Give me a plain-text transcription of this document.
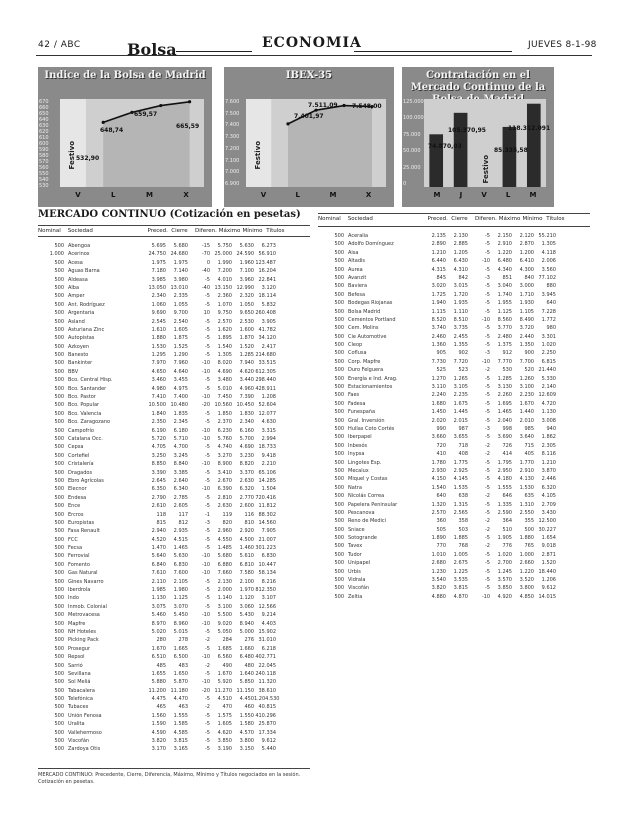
42 / ABC	Bolsa	ECONOMIA	JUEVES 8-1-98
Indice de la Bolsa de Madrid
670
660
650
640
630
620
610
600
590
580
570
560
550
540
530
Festivo 532,90
648,74
659,57
665,59
V	L	M	X
IBEX-35
7.600
7.500
7.400
7.300
7.200
7.100
7.000
6.900
Festivo
7.401,97
7.511,09 7.548,00
V	L	M	X
Contratación en el Mercado Continuo de la
125.000
100.000
75.000
50.000
25.000
0
Festivo
74.870,03
105.370,95
85.335,58
118.312.091
M	J	V	L	M
MERCADO CONTINUO (Cotización en pesetas)
Nominal Sociedad	Preced. Cierre Diferen. Máximo Mínimo Títulos
500 Abengoa	5.695	5.680	-15	5.750	5.630	6.273
1.000 Acerinox	24.750 24.680	-70 25.000 24.590 56.910
500 Acesa	1.975	1.975	0	1.990	1.960 123.487
500 Aguas Barna	7.180	7.140	-40	7.200	7.100 16.204
500 Aldeasa	3.985	3.980	-5	4.010	3.960 22.841
500 Alba	13.050 13.010	-40 13.150 12.990	3.120
500 Amper	2.340	2.335	-5	2.360	2.320 18.114
500 Ant. Rodríguez	1.060	1.055	-5	1.070	1.050	5.832
500 Argentaria	9.690	9.700	10	9.750	9.650 260.408
500 Asland	2.545	2.540	-5	2.570	2.530	3.905
500 Asturiana Zinc	1.610	1.605	-5	1.620	1.600 41.782
500 Autopistas	1.880	1.875	-5	1.895	1.870 34.120
500 Azkoyen	1.530	1.525	-5	1.540	1.520	2.417
500 Banesto	1.295	1.290	-5	1.305	1.285 214.680
500 Bankinter	7.970	7.960	-10	8.020	7.940 33.515
500 BBV	4.650	4.640	-10	4.690	4.620 612.305
500 Bco. Central Hisp.	3.460	3.455	-5	3.480	3.440 298.440
500 Bco. Santander	4.980	4.975	-5	5.010	4.960 428.911
500 Bco. Pastor	7.410	7.400	-10	7.450	7.390	1.208
500 Bco. Popular	10.500 10.480	-20 10.560 10.450 52.604
500 Bco. Valencia	1.840	1.835	-5	1.850	1.830 12.077
500 Bco. Zaragozano	2.350	2.345	-5	2.370	2.340	4.630
500 Campofrío	6.190	6.180	-10	6.230	6.160	3.315
500 Catalana Occ.	5.720	5.710	-10	5.760	5.700	2.994
500 Cepsa	4.705	4.700	-5	4.740	4.690 18.733
500 Cortefiel	3.250	3.245	-5	3.270	3.230	9.418
500 Cristalería	8.850	8.840	-10	8.900	8.820	2.210
500 Dragados	3.390	3.385	-5	3.410	3.370 65.106
500 Ebro Agrícolas	2.645	2.640	-5	2.670	2.630 14.285
500 Elecnor	6.350	6.340	-10	6.390	6.320	1.504
500 Endesa	2.790	2.785	-5	2.810	2.770 720.416
500 Ence	2.610	2.605	-5	2.630	2.600 11.812
500 Ercros	118	117	-1	119	116 88.302
500 Europistas	815	812	-3	820	810 14.560
500 Fasa Renault	2.940	2.935	-5	2.960	2.920	7.905
500 FCC	4.520	4.515	-5	4.550	4.500 21.007
500 Fecsa	1.470	1.465	-5	1.485	1.460 301.223
500 Ferrovial	5.640	5.630	-10	5.680	5.610	6.830
500 Fomento	6.840	6.830	-10	6.880	6.810 10.447
500 Gas Natural	7.610	7.600	-10	7.660	7.580 58.134
500 Gines Navarro	2.110	2.105	-5	2.130	2.100	8.216
500 Iberdrola	1.985	1.980	-5	2.000	1.970 812.350
500 Indo	1.130	1.125	-5	1.140	1.120	3.107
500 Inmob. Colonial	3.075	3.070	-5	3.100	3.060 12.566
500 Metrovacesa	5.460	5.450	-10	5.500	5.430	9.214
500 Mapfre	8.970	8.960	-10	9.020	8.940	4.403
500 NH Hoteles	5.020	5.015	-5	5.050	5.000 15.902
500 Picking Pack	280	278	-2	284	276 31.010
500 Prosegur	1.670	1.665	-5	1.685	1.660	6.218
500 Repsol	6.510	6.500	-10	6.560	6.480 402.771
500 Sarrió	485	483	-2	490	480 22.045
500 Sevillana	1.655	1.650	-5	1.670	1.640 240.118
500 Sol Meliá	5.880	5.870	-10	5.920	5.850 11.320
500 Tabacalera	11.200 11.180	-20 11.270 11.150 38.610
500 Telefónica	4.475	4.470	-5	4.510	4.450 1.204.530
500 Tubacex	465	463	-2	470	460 40.815
500 Unión Fenosa	1.560	1.555	-5	1.575	1.550 410.296
500 Uralita	1.590	1.585	-5	1.605	1.580 25.870
500 Vallehermoso	4.590	4.585	-5	4.620	4.570 17.334
500 Viscofán	3.820	3.815	-5	3.850	3.800	9.612
500 Zardoya Otis	3.170	3.165	-5	3.190	3.150	5.440
MERCADO CONTINUO: Precedente, Cierre, Diferencia, Máximo, Mínimo y Títulos negociados en la sesión. Cotización en pesetas.
Nominal Sociedad	Preced. Cierre Diferen. Máximo Mínimo Títulos
500 Aceralia	2.135	2.130	-5	2.150	2.120 55.210
500 Adolfo Domínguez	2.890	2.885	-5	2.910	2.870	1.305
500 Aisa	1.210	1.205	-5	1.220	1.200	4.118
500 Altadis	6.440	6.430	-10	6.480	6.410	2.006
500 Aurea	4.315	4.310	-5	4.340	4.300	3.560
500 Avanzit	845	842	-3	851	840 77.102
500 Baviera	3.020	3.015	-5	3.040	3.000	880
500 Befesa	1.725	1.720	-5	1.740	1.710	3.945
500 Bodegas Riojanas	1.940	1.935	-5	1.955	1.930	640
500 Bolsa Madrid	1.115	1.110	-5	1.125	1.105	7.228
500 Cementos Portland	8.520	8.510	-10	8.560	8.490	1.772
500 Cem. Molins	3.740	3.735	-5	3.770	3.720	980
500 Cie Automotive	2.460	2.455	-5	2.480	2.440	3.301
500 Cleop	1.360	1.355	-5	1.375	1.350	1.020
500 Coflusa	905	902	-3	912	900	2.250
500 Corp. Mapfre	7.730	7.720	-10	7.770	7.700	6.815
500 Duro Felguera	525	523	-2	530	520 21.440
500 Energía e Ind. Arag.	1.270	1.265	-5	1.285	1.260	5.330
500 Estacionamientos	3.110	3.105	-5	3.130	3.100	2.140
500 Faes	2.240	2.235	-5	2.260	2.230 12.609
500 Fadesa	1.680	1.675	-5	1.695	1.670	4.720
500 Funespaña	1.450	1.445	-5	1.465	1.440	1.130
500 Gral. Inversión	2.020	2.015	-5	2.040	2.010	3.008
500 Hullas Coto Cortés	990	987	-3	998	985	940
500 Iberpapel	3.660	3.655	-5	3.690	3.640	1.862
500 Inbesós	720	718	-2	726	715	2.305
500 Inypsa	410	408	-2	414	405	8.116
500 Lingotes Esp.	1.780	1.775	-5	1.795	1.770	1.210
500 Mecalux	2.930	2.925	-5	2.950	2.910	3.870
500 Miquel y Costas	4.150	4.145	-5	4.180	4.130	2.446
500 Natra	1.540	1.535	-5	1.555	1.530	6.320
500 Nicolás Correa	640	638	-2	646	635	4.105
500 Papelera Peninsular	1.320	1.315	-5	1.335	1.310	2.709
500 Pescanova	2.570	2.565	-5	2.590	2.550	3.430
500 Reno de Medici	360	358	-2	364	355 12.500
500 Sniace	505	503	-2	510	500 30.227
500 Sotogrande	1.890	1.885	-5	1.905	1.880	1.654
500 Tavex	770	768	-2	776	765	9.018
500 Tudor	1.010	1.005	-5	1.020	1.000	2.871
500 Unipapel	2.680	2.675	-5	2.700	2.660	1.520
500 Urbis	1.230	1.225	-5	1.245	1.220 18.440
500 Vidrala	3.540	3.535	-5	3.570	3.520	1.206
500 Viscofán	3.820	3.815	-5	3.850	3.800	9.612
500 Zeltia	4.880	4.870	-10	4.920	4.850 14.015
